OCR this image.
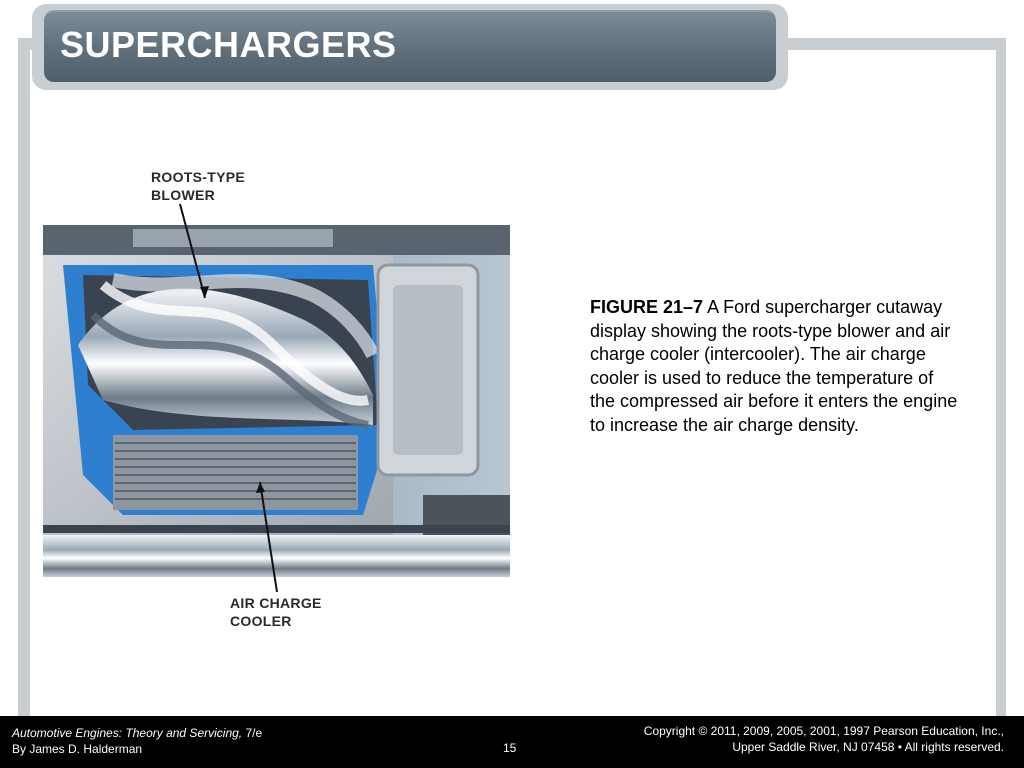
SUPERCHARGERS
ROOTS-TYPE
BLOWER
AIR CHARGE
COOLER
FIGURE 21–7 A Ford supercharger cutaway display showing the roots-type blower and air charge cooler (intercooler). The air charge cooler is used to reduce the temperature of the compressed air before it enters the engine to increase the air charge density.
Automotive Engines: Theory and Servicing, 7/e
By James D. Halderman	15
Copyright © 2011, 2009, 2005, 2001, 1997 Pearson Education, Inc.,
Upper Saddle River, NJ 07458 • All rights reserved.
